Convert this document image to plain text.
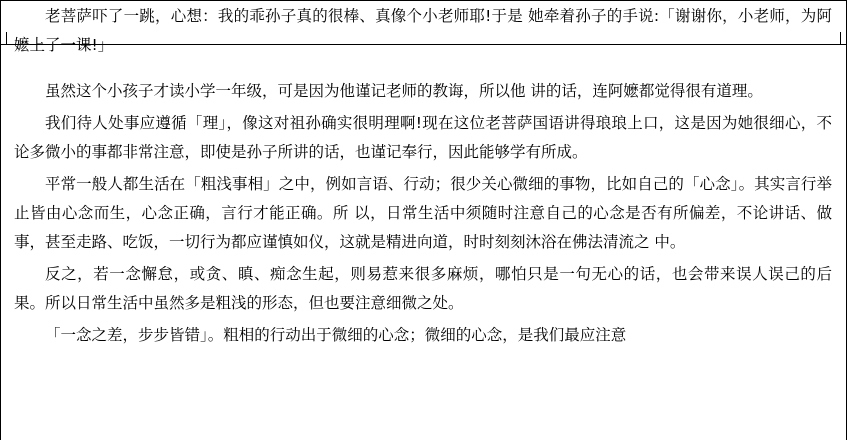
老菩萨吓了一跳，心想：我的乖孙子真的很棒、真像个小老师耶!于是 她牵着孙子的手说:「谢谢你，小老师，为阿嬷上了一课!」

虽然这个小孩子才读小学一年级，可是因为他谨记老师的教诲，所以他 讲的话，连阿嬷都觉得很有道理。

我们待人处事应遵循「理」，像这对祖孙确实很明理啊!现在这位老菩萨国语讲得琅琅上口，这是因为她很细心，不论多微小的事都非常注意，即使是孙子所讲的话，也谨记奉行，因此能够学有所成。

平常一般人都生活在「粗浅事相」之中，例如言语、行动；很少关心微细的事物，比如自己的「心念」。其实言行举止皆由心念而生，心念正确，言行才能正确。所 以，日常生活中须随时注意自己的心念是否有所偏差，不论讲话、做事，甚至走路、吃饭，一切行为都应谨慎如仪，这就是精进向道，时时刻刻沐浴在佛法清流之 中。

反之，若一念懈怠，或贪、瞋、痴念生起，则易惹来很多麻烦，哪怕只是一句无心的话，也会带来误人误己的后果。所以日常生活中虽然多是粗浅的形态，但也要注意细微之处。

「一念之差，步步皆错」。粗相的行动出于微细的心念；微细的心念，是我们最应注意
